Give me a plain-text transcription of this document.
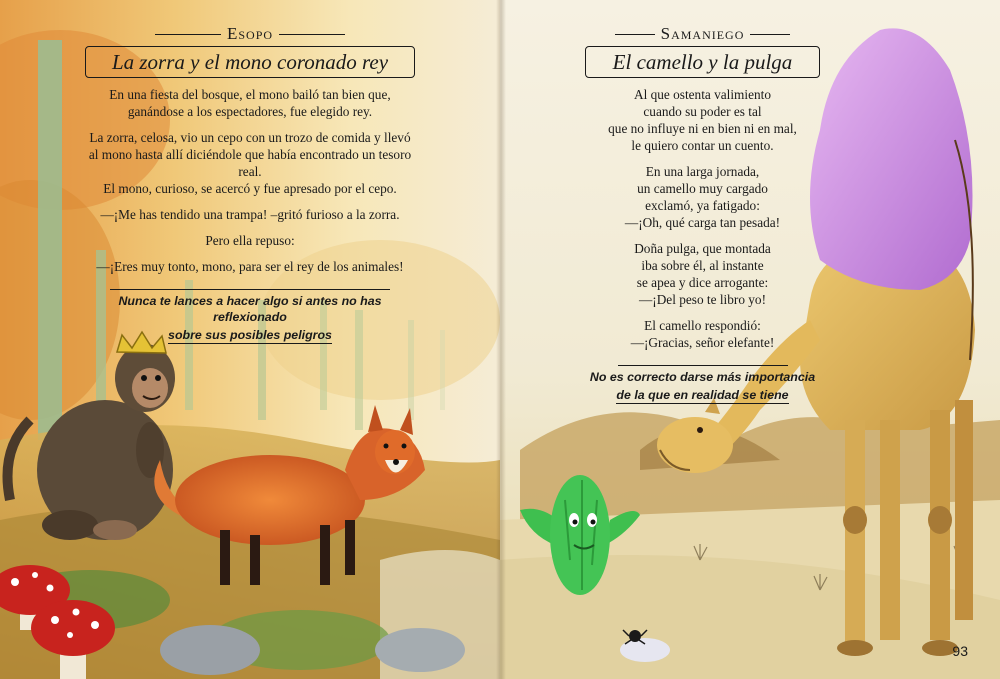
Esopo

La zorra y el mono coronado rey

En una fiesta del bosque, el mono bailó tan bien que,
ganándose a los espectadores, fue elegido rey.

La zorra, celosa, vio un cepo con un trozo de comida y llevó
al mono hasta allí diciéndole que había encontrado un tesoro real.
El mono, curioso, se acercó y fue apresado por el cepo.

—¡Me has tendido una trampa! –gritó furioso a la zorra.

Pero ella repuso:

—¡Eres muy tonto, mono, para ser el rey de los animales!

Nunca te lances a hacer algo si antes no has reflexionado
sobre sus posibles peligros

Samaniego

El camello y la pulga

Al que ostenta valimiento
cuando su poder es tal
que no influye ni en bien ni en mal,
le quiero contar un cuento.

En una larga jornada,
un camello muy cargado
exclamó, ya fatigado:
—¡Oh, qué carga tan pesada!

Doña pulga, que montada
iba sobre él, al instante
se apea y dice arrogante:
—¡Del peso te libro yo!

El camello respondió:
—¡Gracias, señor elefante!

No es correcto darse más importancia
de la que en realidad se tiene
93
